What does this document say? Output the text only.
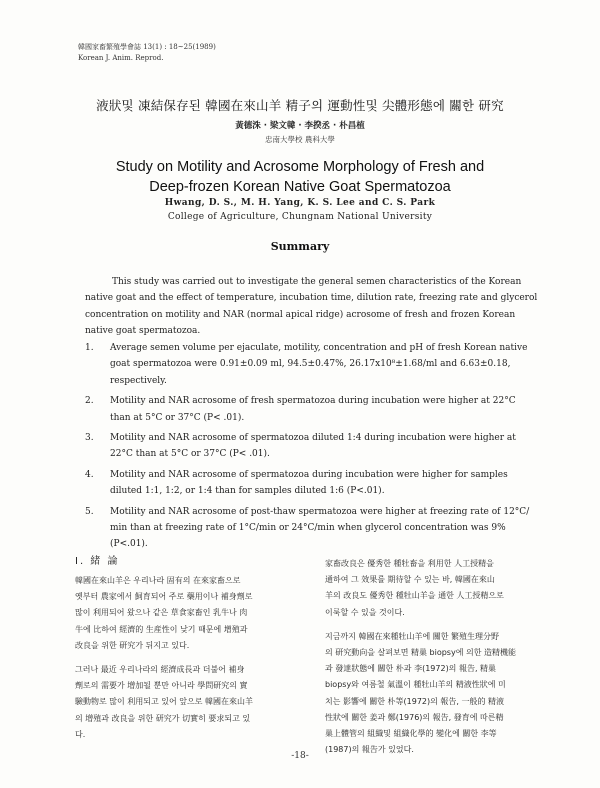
韓國家畜繁殖學會誌 13(1) : 18~25(1989)
Korean J. Anim. Reprod.
液狀및 凍結保存된 韓國在來山羊 精子의 運動性및 尖體形態에 關한 研究
黃德洙 · 梁文韓 · 李揆丞 · 朴昌植
忠南大學校 農科大學
Study on Motility and Acrosome Morphology of Fresh and
Deep-frozen Korean Native Goat Spermatozoa
Hwang, D. S., M. H. Yang, K. S. Lee and C. S. Park
College of Agriculture, Chungnam National University
Summary
This study was carried out to investigate the general semen characteristics of the Korean
native goat and the effect of temperature, incubation time, dilution rate, freezing rate and glycerol
concentration on motility and NAR (normal apical ridge) acrosome of fresh and frozen Korean
native goat spermatozoa.
1. Average semen volume per ejaculate, motility, concentration and pH of fresh Korean native
goat spermatozoa were 0.91±0.09 ml, 94.5±0.47%, 26.17x10⁸±1.68/ml and 6.63±0.18,
respectively.
2. Motility and NAR acrosome of fresh spermatozoa during incubation were higher at 22°C
than at 5°C or 37°C (P< .01).
3. Motility and NAR acrosome of spermatozoa diluted 1:4 during incubation were higher at
22°C than at 5°C or 37°C (P< .01).
4. Motility and NAR acrosome of spermatozoa during incubation were higher for samples
diluted 1:1, 1:2, or 1:4 than for samples diluted 1:6 (P<.01).
5. Motility and NAR acrosome of post-thaw spermatozoa were higher at freezing rate of 12°C/
min than at freezing rate of 1°C/min or 24°C/min when glycerol concentration was 9%
(P<.01).
Ⅰ. 緒 論
韓國在來山羊은 우리나라 固有의 在來家畜으로
옛부터 農家에서 飼育되어 주로 藥用이나 補身劑로
많이 利用되어 왔으나 같은 草食家畜인 乳牛나 肉
牛에 比하여 經濟的 生産性이 낮기 때문에 增殖과
改良을 위한 研究가 뒤지고 있다.
그러나 最近 우리나라의 經濟成長과 더불어 補身
劑로의 需要가 增加될 뿐만 아니라 學問研究의 實
驗動物로 많이 利用되고 있어 앞으로 韓國在來山羊
의 增殖과 改良을 위한 研究가 切實히 要求되고 있
다.
家畜改良은 優秀한 種牡畜을 利用한 人工授精을
通하여 그 效果를 期待할 수 있는 바, 韓國在來山
羊의 改良도 優秀한 種牡山羊을 通한 人工授精으로
이룩할 수 있을 것이다.
지금까지 韓國在來種牡山羊에 關한 繁殖生理分野
의 研究動向을 살펴보면 精巢 biopsy에 의한 造精機能
과 發達狀態에 關한 朴과 李(1972)의 報告, 精巢
biopsy와 여름철 氣溫이 種牡山羊의 精液性狀에 미
치는 影響에 關한 朴等(1972)의 報告, 一般的 精液
性狀에 關한 姜과 鄭(1976)의 報告, 發育에 따른精
巢上體管의 組織및 組織化學的 變化에 關한 李等
(1987)의 報告가 있었다.
-18-
